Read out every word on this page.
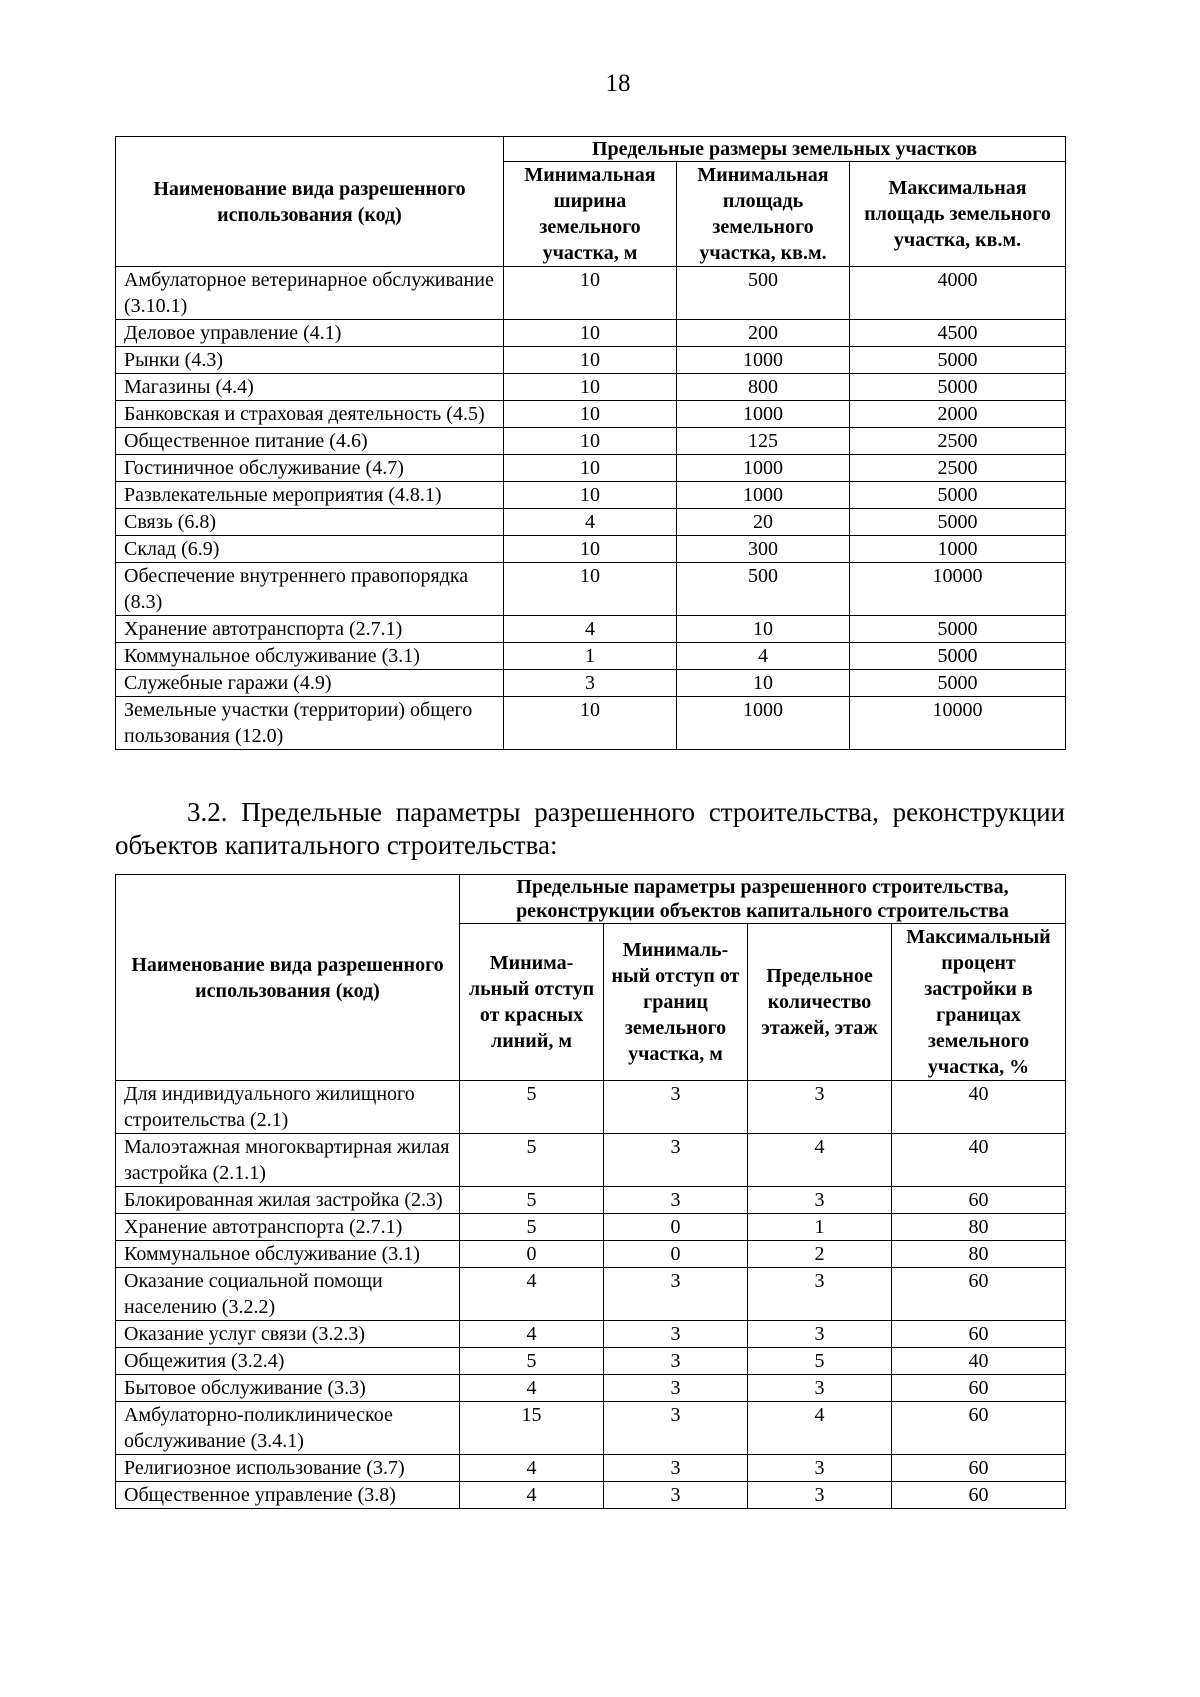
18
Наименование вида разрешенного использования (код)	Предельные размеры земельных участков		
	Минимальная ширина земельного участка, м	Минимальная площадь земельного участка, кв.м.	Максимальная площадь земельного участка, кв.м.
Амбулаторное ветеринарное обслуживание (3.10.1)	10	500	4000
Деловое управление (4.1)	10	200	4500
Рынки (4.3)	10	1000	5000
Магазины (4.4)	10	800	5000
Банковская и страховая деятельность (4.5)	10	1000	2000
Общественное питание (4.6)	10	125	2500
Гостиничное обслуживание (4.7)	10	1000	2500
Развлекательные мероприятия (4.8.1)	10	1000	5000
Связь (6.8)	4	20	5000
Склад (6.9)	10	300	1000
Обеспечение внутреннего правопорядка (8.3)	10	500	10000
Хранение автотранспорта (2.7.1)	4	10	5000
Коммунальное обслуживание (3.1)	1	4	5000
Служебные гаражи (4.9)	3	10	5000
Земельные участки (территории) общего пользования (12.0)	10	1000	10000
3.2. Предельные параметры разрешенного строительства, реконструкции объектов капитального строительства:
Наименование вида разрешенного использования (код)	Предельные параметры разрешенного строительства, реконструкции объектов капитального строительства			
	Минима-льный отступ от красных линий, м	Минималь-ный отступ от границ земельного участка, м	Предельное количество этажей, этаж	Максимальный процент застройки в границах земельного участка, %
Для индивидуального жилищного строительства (2.1)	5	3	3	40
Малоэтажная многоквартирная жилая застройка (2.1.1)	5	3	4	40
Блокированная жилая застройка (2.3)	5	3	3	60
Хранение автотранспорта (2.7.1)	5	0	1	80
Коммунальное обслуживание (3.1)	0	0	2	80
Оказание социальной помощи населению (3.2.2)	4	3	3	60
Оказание услуг связи (3.2.3)	4	3	3	60
Общежития (3.2.4)	5	3	5	40
Бытовое обслуживание (3.3)	4	3	3	60
Амбулаторно-поликлиническое обслуживание (3.4.1)	15	3	4	60
Религиозное использование (3.7)	4	3	3	60
Общественное управление (3.8)	4	3	3	60
